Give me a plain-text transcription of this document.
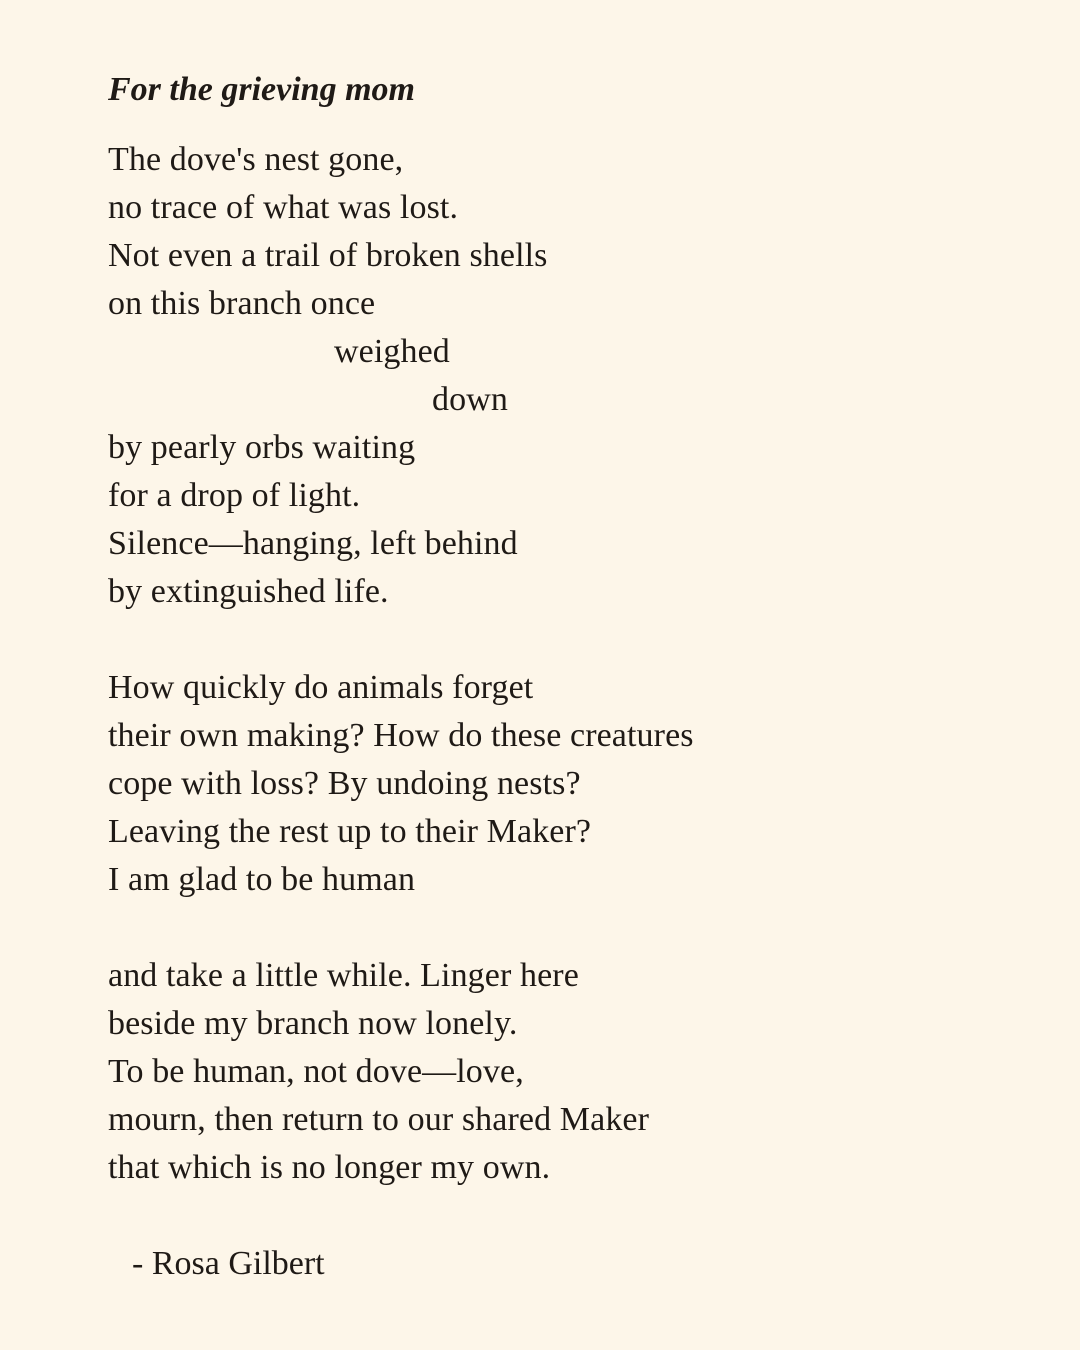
For the grieving mom
The dove's nest gone,
no trace of what was lost.
Not even a trail of broken shells
on this branch once
weighed
down
by pearly orbs waiting
for a drop of light.
Silence—hanging, left behind
by extinguished life.
How quickly do animals forget
their own making? How do these creatures
cope with loss? By undoing nests?
Leaving the rest up to their Maker?
I am glad to be human
and take a little while. Linger here
beside my branch now lonely.
To be human, not dove—love,
mourn, then return to our shared Maker
that which is no longer my own.
- Rosa Gilbert
